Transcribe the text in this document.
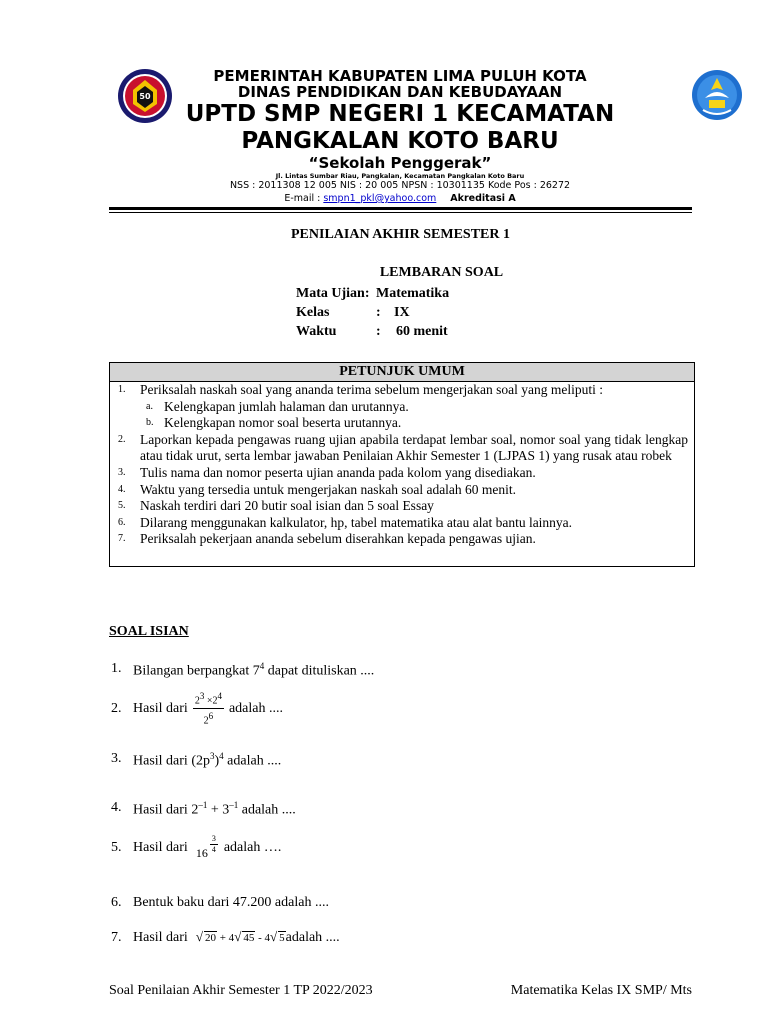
50
PEMERINTAH KABUPATEN LIMA PULUH KOTA
DINAS PENDIDIKAN DAN KEBUDAYAAN
UPTD SMP NEGERI 1 KECAMATAN
PANGKALAN KOTO BARU
“Sekolah Penggerak”
Jl. Lintas Sumbar Riau, Pangkalan, Kecamatan Pangkalan Koto Baru
NSS : 2011308 12 005 NIS : 20 005 NPSN : 10301135 Kode Pos : 26272
E-mail : smpn1_pkl@yahoo.com Akreditasi A
PENILAIAN AKHIR SEMESTER 1
LEMBARAN SOAL
Mata Ujian: Matematika
Kelas	: IX
Waktu	:	60 menit
PETUNJUK UMUM
1.	Periksalah naskah soal yang ananda terima sebelum mengerjakan soal yang meliputi :
a. Kelengkapan jumlah halaman dan urutannya.
b. Kelengkapan nomor soal beserta urutannya.
2.	Laporkan kepada pengawas ruang ujian apabila terdapat lembar soal, nomor soal yang tidak lengkap atau tidak urut, serta lembar jawaban Penilaian Akhir Semester 1 (LJPAS 1) yang rusak atau robek
3.	Tulis nama dan nomor peserta ujian ananda pada kolom yang disediakan.
4.	Waktu yang tersedia untuk mengerjakan naskah soal adalah 60 menit.
5.	Naskah terdiri dari 20 butir soal isian dan 5 soal Essay
6.	Dilarang menggunakan kalkulator, hp, tabel matematika atau alat bantu lainnya.
7.	Periksalah pekerjaan ananda sebelum diserahkan kepada pengawas ujian.
SOAL ISIAN
1. Bilangan berpangkat $7^4$ dapat dituliskan ....
2. Hasil dari $\frac{2^3 \times 2^4}{2^6}$ adalah ....
3. Hasil dari $(2p^3)^4$ adalah ....
4. Hasil dari $2^{-1} + 3^{-1}$ adalah ....
5. Hasil dari $16 \frac{3}{4}$ adalah ….
6. Bentuk baku dari 47.200 adalah ....
7. Hasil dari √ 20 + 4√ 45 - 4√ 5 adalah ....
Soal Penilaian Akhir Semester 1 TP 2022/2023	Matematika Kelas IX SMP/ Mts
